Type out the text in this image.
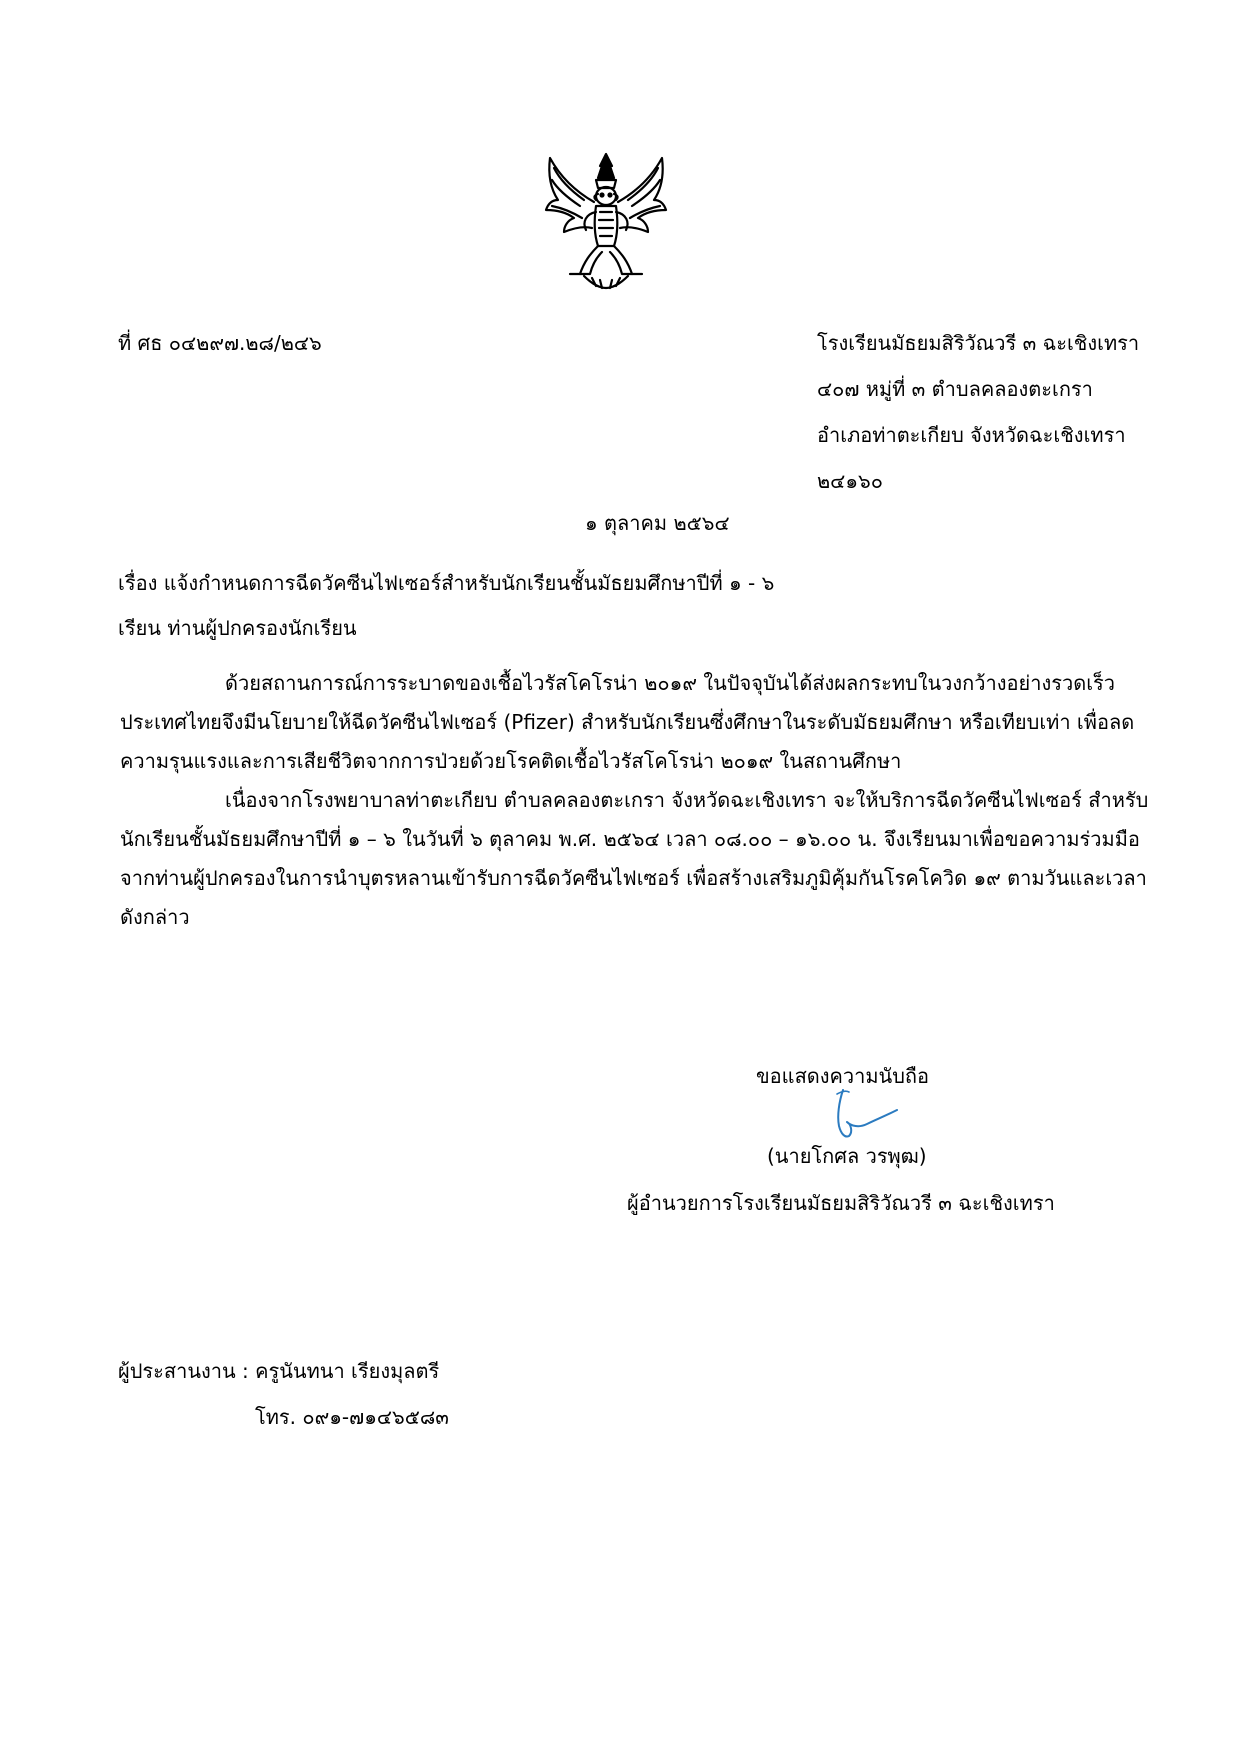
ที่ ศธ ๐๔๒๙๗.๒๘/๒๔๖	โรงเรียนมัธยมสิริวัณวรี ๓ ฉะเชิงเทรา
๔๐๗ หมู่ที่ ๓ ตำบลคลองตะเกรา
อำเภอท่าตะเกียบ จังหวัดฉะเชิงเทรา
๒๔๑๖๐
๑ ตุลาคม ๒๕๖๔
เรื่อง แจ้งกำหนดการฉีดวัคซีนไฟเซอร์สำหรับนักเรียนชั้นมัธยมศึกษาปีที่ ๑ - ๖
เรียน ท่านผู้ปกครองนักเรียน

ด้วยสถานการณ์การระบาดของเชื้อไวรัสโคโรน่า ๒๐๑๙ ในปัจจุบันได้ส่งผลกระทบในวงกว้างอย่างรวดเร็ว ประเทศไทยจึงมีนโยบายให้ฉีดวัคซีนไฟเซอร์ (Pfizer) สำหรับนักเรียนซึ่งศึกษาในระดับมัธยมศึกษา หรือเทียบเท่า เพื่อลดความรุนแรงและการเสียชีวิตจากการป่วยด้วยโรคติดเชื้อไวรัสโคโรน่า ๒๐๑๙ ในสถานศึกษา

เนื่องจากโรงพยาบาลท่าตะเกียบ ตำบลคลองตะเกรา จังหวัดฉะเชิงเทรา จะให้บริการฉีดวัคซีนไฟเซอร์ สำหรับนักเรียนชั้นมัธยมศึกษาปีที่ ๑ – ๖ ในวันที่ ๖ ตุลาคม พ.ศ. ๒๕๖๔ เวลา ๐๘.๐๐ – ๑๖.๐๐ น. จึงเรียนมาเพื่อขอความร่วมมือจากท่านผู้ปกครองในการนำบุตรหลานเข้ารับการฉีดวัคซีนไฟเซอร์ เพื่อสร้างเสริมภูมิคุ้มกันโรคโควิด ๑๙ ตามวันและเวลาดังกล่าว

ขอแสดงความนับถือ
(นายโกศล วรพุฒ)
ผู้อำนวยการโรงเรียนมัธยมสิริวัณวรี ๓ ฉะเชิงเทรา
ผู้ประสานงาน : ครูนันทนา เรียงมุลตรี
โทร. ๐๙๑-๗๑๔๖๕๘๓
